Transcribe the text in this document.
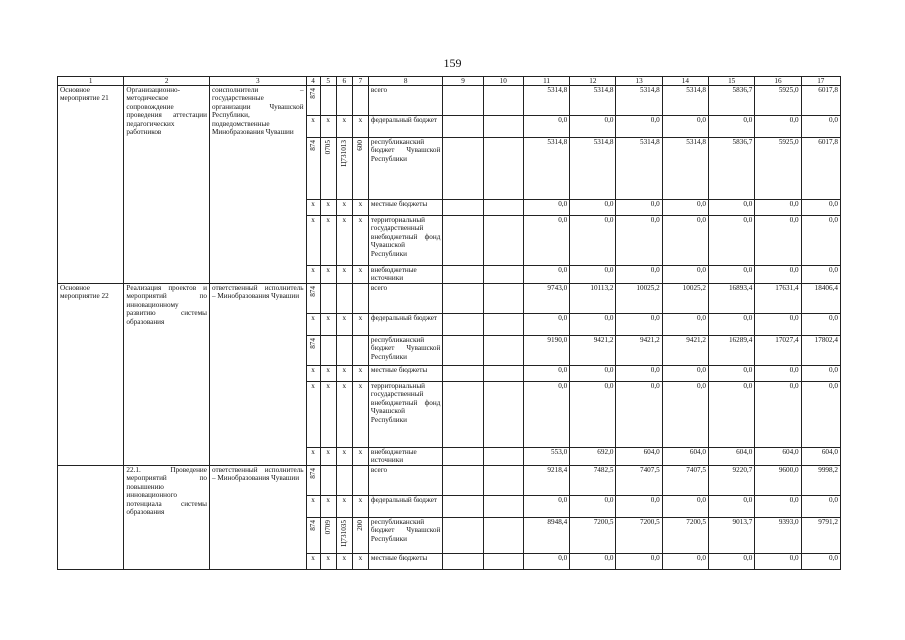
159
1	2	3	4	5	6	7	8	9	10	11	12	13	14	15	16	17
Основное мероприятие 21	Организационно-методическое сопровождение проведения аттестации педагогических работников	соисполнители – государственные организации Чувашской Республики, подведомственные Минобразования Чувашии	874				всего			5314,8	5314,8	5314,8	5314,8	5836,7	5925,0	6017,8
			x	x	x	x	федеральный бюджет			0,0	0,0	0,0	0,0	0,0	0,0	0,0

			874	0705	Ц731013	600	республиканский бюджет Чувашской Республики			5314,8	5314,8	5314,8	5314,8	5836,7	5925,0	6017,8
			x	x	x	x	местные бюджеты			0,0	0,0	0,0	0,0	0,0	0,0	0,0
			x	x	x	x	территориальный государственный внебюджетный фонд Чувашской Республики			0,0	0,0	0,0	0,0	0,0	0,0	0,0
			x	x	x	x	внебюджетные источники			0,0	0,0	0,0	0,0	0,0	0,0	0,0
Основное мероприятие 22	Реализация проектов и мероприятий по инновационному развитию системы образования	ответственный исполнитель – Минобразования Чувашии	874				всего			9743,0	10113,2	10025,2	10025,2	16893,4	17631,4	18406,4
			x	x	x	x	федеральный бюджет			0,0	0,0	0,0	0,0	0,0	0,0	0,0

			874				республиканский бюджет Чувашской Республики			9190,0	9421,2	9421,2	9421,2	16289,4	17027,4	17802,4
			x	x	x	x	местные бюджеты			0,0	0,0	0,0	0,0	0,0	0,0	0,0
			x	x	x	x	территориальный государственный внебюджетный фонд Чувашской Республики			0,0	0,0	0,0	0,0	0,0	0,0	0,0
			x	x	x	x	внебюджетные источники			553,0	692,0	604,0	604,0	604,0	604,0	604,0
	22.1. Проведение мероприятий по повышению инновационного потенциала системы образования	ответственный исполнитель – Минобразования Чувашии	874				всего			9218,4	7482,5	7407,5	7407,5	9220,7	9600,0	9998,2
			x	x	x	x	федеральный бюджет			0,0	0,0	0,0	0,0	0,0	0,0	0,0

			874	0709	Ц731035	200	республиканский бюджет Чувашской Республики			8948,4	7200,5	7200,5	7200,5	9013,7	9393,0	9791,2
			x	x	x	x	местные бюджеты			0,0	0,0	0,0	0,0	0,0	0,0	0,0
